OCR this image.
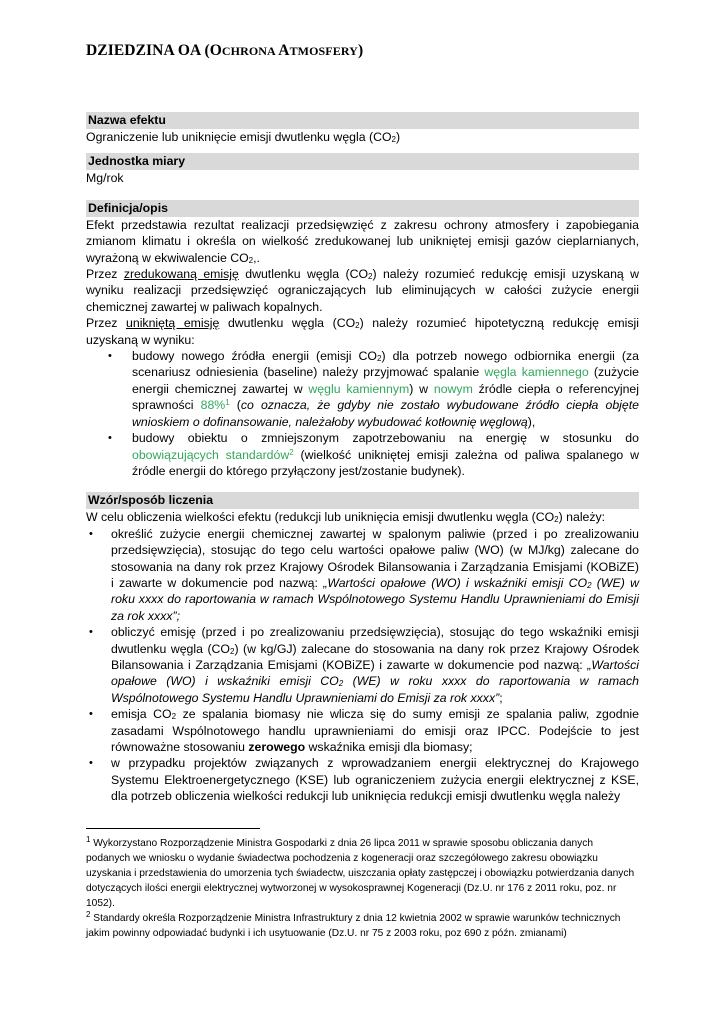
DZIEDZINA OA (OCHRONA ATMOSFERY)
Nazwa efektu

Ograniczenie lub uniknięcie emisji dwutlenku węgla $(CO_2)$

Jednostka miary

Mg/rok

Definicja/opis

Efekt przedstawia rezultat realizacji przedsięwzięć z zakresu ochrony atmosfery i zapobiegania zmianom klimatu i określa on wielkość zredukowanej lub unikniętej emisji gazów cieplarnianych, wyrażoną w ekwiwalencie $CO_2$,.

Przez zredukowaną emisję dwutlenku węgla $(CO_2)$ należy rozumieć redukcję emisji uzyskaną w wyniku realizacji przedsięwzięć ograniczających lub eliminujących w całości zużycie energii chemicznej zawartej w paliwach kopalnych.

Przez unikniętą emisję dwutlenku węgla $(CO_2)$ należy rozumieć hipotetyczną redukcję emisji uzyskaną w wyniku:

• budowy nowego źródła energii (emisji $CO_2$) dla potrzeb nowego odbiornika energii (za scenariusz odniesienia (baseline) należy przyjmować spalanie węgla kamiennego (zużycie energii chemicznej zawartej w węglu kamiennym) w nowym źródle ciepła o referencyjnej sprawności 88%$^1$ (co oznacza, że gdyby nie zostało wybudowane źródło ciepła objęte wnioskiem o dofinansowanie, należałoby wybudować kotłownię węglową),
• budowy obiektu o zmniejszonym zapotrzebowaniu na energię w stosunku do obowiązujących standardów$^2$ (wielkość unikniętej emisji zależna od paliwa spalanego w źródle energii do którego przyłączony jest/zostanie budynek).
Wzór/sposób liczenia

W celu obliczenia wielkości efektu (redukcji lub uniknięcia emisji dwutlenku węgla $(CO_2)$ należy:

• określić zużycie energii chemicznej zawartej w spalonym paliwie (przed i po zrealizowaniu przedsięwzięcia), stosując do tego celu wartości opałowe paliw (WO) (w MJ/kg) zalecane do stosowania na dany rok przez Krajowy Ośrodek Bilansowania i Zarządzania Emisjami (KOBiZE) i zawarte w dokumencie pod nazwą: „Wartości opałowe (WO) i wskaźniki emisji $CO_2$ (WE) w roku xxxx do raportowania w ramach Wspólnotowego Systemu Handlu Uprawnieniami do Emisji za rok xxxx”;
• obliczyć emisję (przed i po zrealizowaniu przedsięwzięcia), stosując do tego wskaźniki emisji dwutlenku węgla $(CO_2)$ (w kg/GJ) zalecane do stosowania na dany rok przez Krajowy Ośrodek Bilansowania i Zarządzania Emisjami (KOBiZE) i zawarte w dokumencie pod nazwą: „Wartości opałowe (WO) i wskaźniki emisji $CO_2$ (WE) w roku xxxx do raportowania w ramach Wspólnotowego Systemu Handlu Uprawnieniami do Emisji za rok xxxx”;
• emisja $CO_2$ ze spalania biomasy nie wlicza się do sumy emisji ze spalania paliw, zgodnie zasadami Wspólnotowego handlu uprawnieniami do emisji oraz IPCC. Podejście to jest równoważne stosowaniu zerowego wskaźnika emisji dla biomasy;
• w przypadku projektów związanych z wprowadzaniem energii elektrycznej do Krajowego Systemu Elektroenergetycznego (KSE) lub ograniczeniem zużycia energii elektrycznej z KSE, dla potrzeb obliczenia wielkości redukcji lub uniknięcia redukcji emisji dwutlenku węgla należy

$^1$ Wykorzystano Rozporządzenie Ministra Gospodarki z dnia 26 lipca 2011 w sprawie sposobu obliczania danych podanych we wniosku o wydanie świadectwa pochodzenia z kogeneracji oraz szczegółowego zakresu obowiązku uzyskania i przedstawienia do umorzenia tych świadectw, uiszczania opłaty zastępczej i obowiązku potwierdzania danych dotyczących ilości energii elektrycznej wytworzonej w wysokosprawnej Kogeneracji (Dz.U. nr 176 z 2011 roku, poz. nr 1052).

$^2$ Standardy określa Rozporządzenie Ministra Infrastruktury z dnia 12 kwietnia 2002 w sprawie warunków technicznych jakim powinny odpowiadać budynki i ich usytuowanie (Dz.U. nr 75 z 2003 roku, poz 690 z późn. zmianami)
